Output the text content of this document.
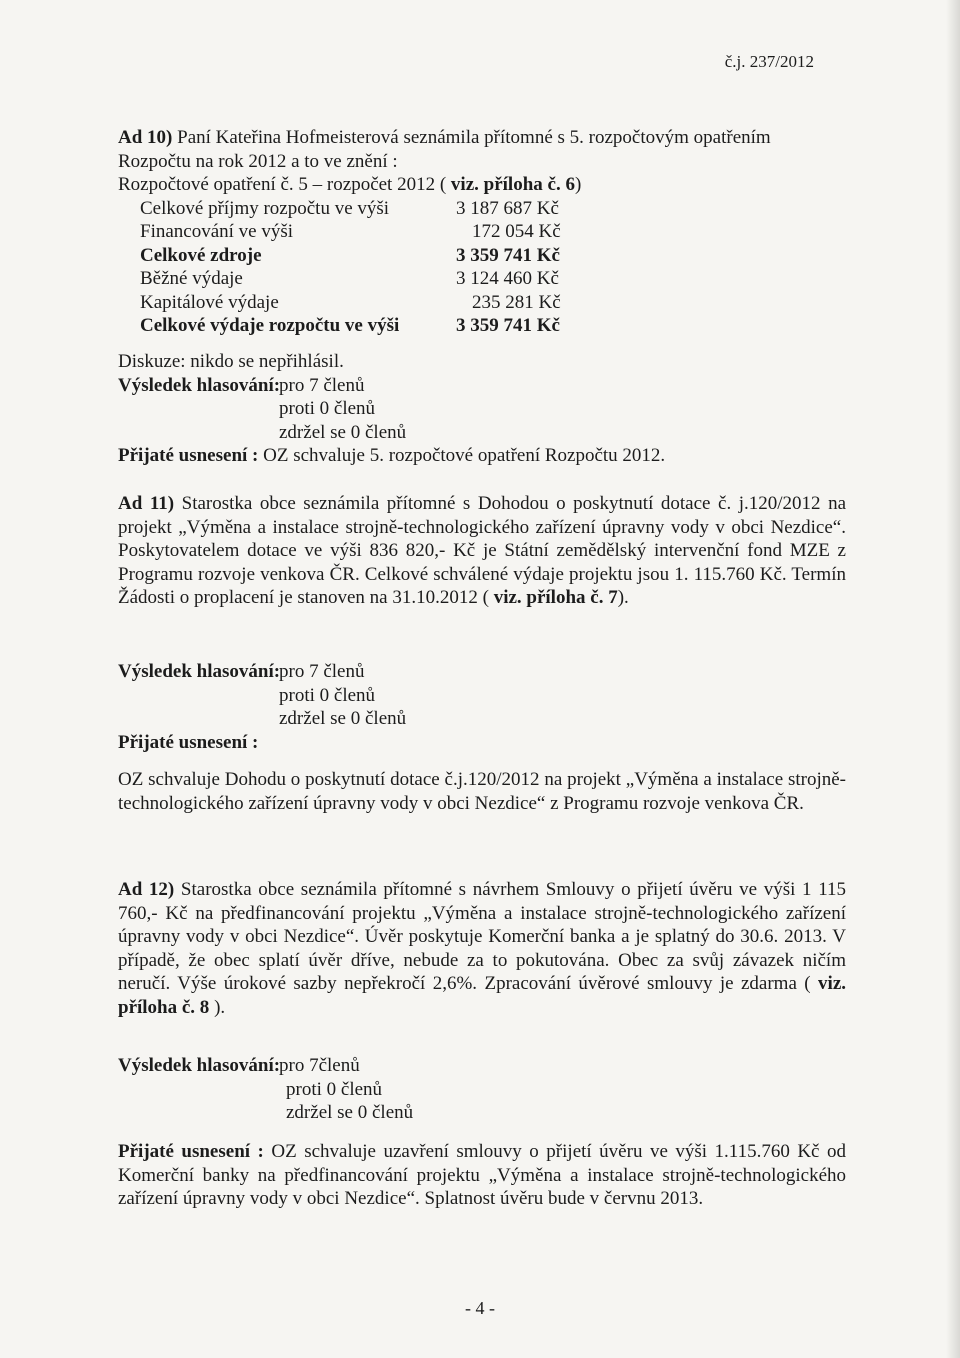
č.j. 237/2012

Ad 10) Paní Kateřina Hofmeisterová seznámila přítomné s 5. rozpočtovým opatřením

Rozpočtu na rok 2012 a to ve znění :

Rozpočtové opatření č. 5 – rozpočet 2012 ( viz. příloha č. 6)

Celkové příjmy rozpočtu ve výši	3 187 687 Kč
Financování ve výši	172 054 Kč
Celkové zdroje	3 359 741 Kč
Běžné výdaje	3 124 460 Kč
Kapitálové výdaje	235 281 Kč
Celkové výdaje rozpočtu ve výši	3 359 741 Kč

Diskuze: nikdo se nepřihlásil.

Výsledek hlasování:
pro 7 členů
proti 0 členů
zdržel se 0 členů

Přijaté usnesení : OZ schvaluje 5. rozpočtové opatření Rozpočtu 2012.

Ad 11) Starostka obce seznámila přítomné s Dohodou o poskytnutí dotace č. j.120/2012 na projekt „Výměna a instalace strojně-technologického zařízení úpravny vody v obci Nezdice“. Poskytovatelem dotace ve výši 836 820,- Kč je Státní zemědělský intervenční fond MZE z Programu rozvoje venkova ČR. Celkové schválené výdaje projektu jsou 1. 115.760 Kč. Termín Žádosti o proplacení je stanoven na 31.10.2012 ( viz. příloha č. 7).

Výsledek hlasování:
pro 7 členů
proti 0 členů
zdržel se 0 členů

Přijaté usnesení :

OZ schvaluje Dohodu o poskytnutí dotace č.j.120/2012 na projekt „Výměna a instalace strojně-technologického zařízení úpravny vody v obci Nezdice“ z Programu rozvoje venkova ČR.

Ad 12) Starostka obce seznámila přítomné s návrhem Smlouvy o přijetí úvěru ve výši 1 115 760,- Kč na předfinancování projektu „Výměna a instalace strojně-technologického zařízení úpravny vody v obci Nezdice“. Úvěr poskytuje Komerční banka a je splatný do 30.6. 2013. V případě, že obec splatí úvěr dříve, nebude za to pokutována. Obec za svůj závazek ničím neručí. Výše úrokové sazby nepřekročí 2,6%. Zpracování úvěrové smlouvy je zdarma ( viz. příloha č. 8 ).

Výsledek hlasování:
pro 7členů
proti 0 členů
zdržel se 0 členů

Přijaté usnesení : OZ schvaluje uzavření smlouvy o přijetí úvěru ve výši 1.115.760 Kč od Komerční banky na předfinancování projektu „Výměna a instalace strojně-technologického zařízení úpravny vody v obci Nezdice“. Splatnost úvěru bude v červnu 2013.

- 4 -
